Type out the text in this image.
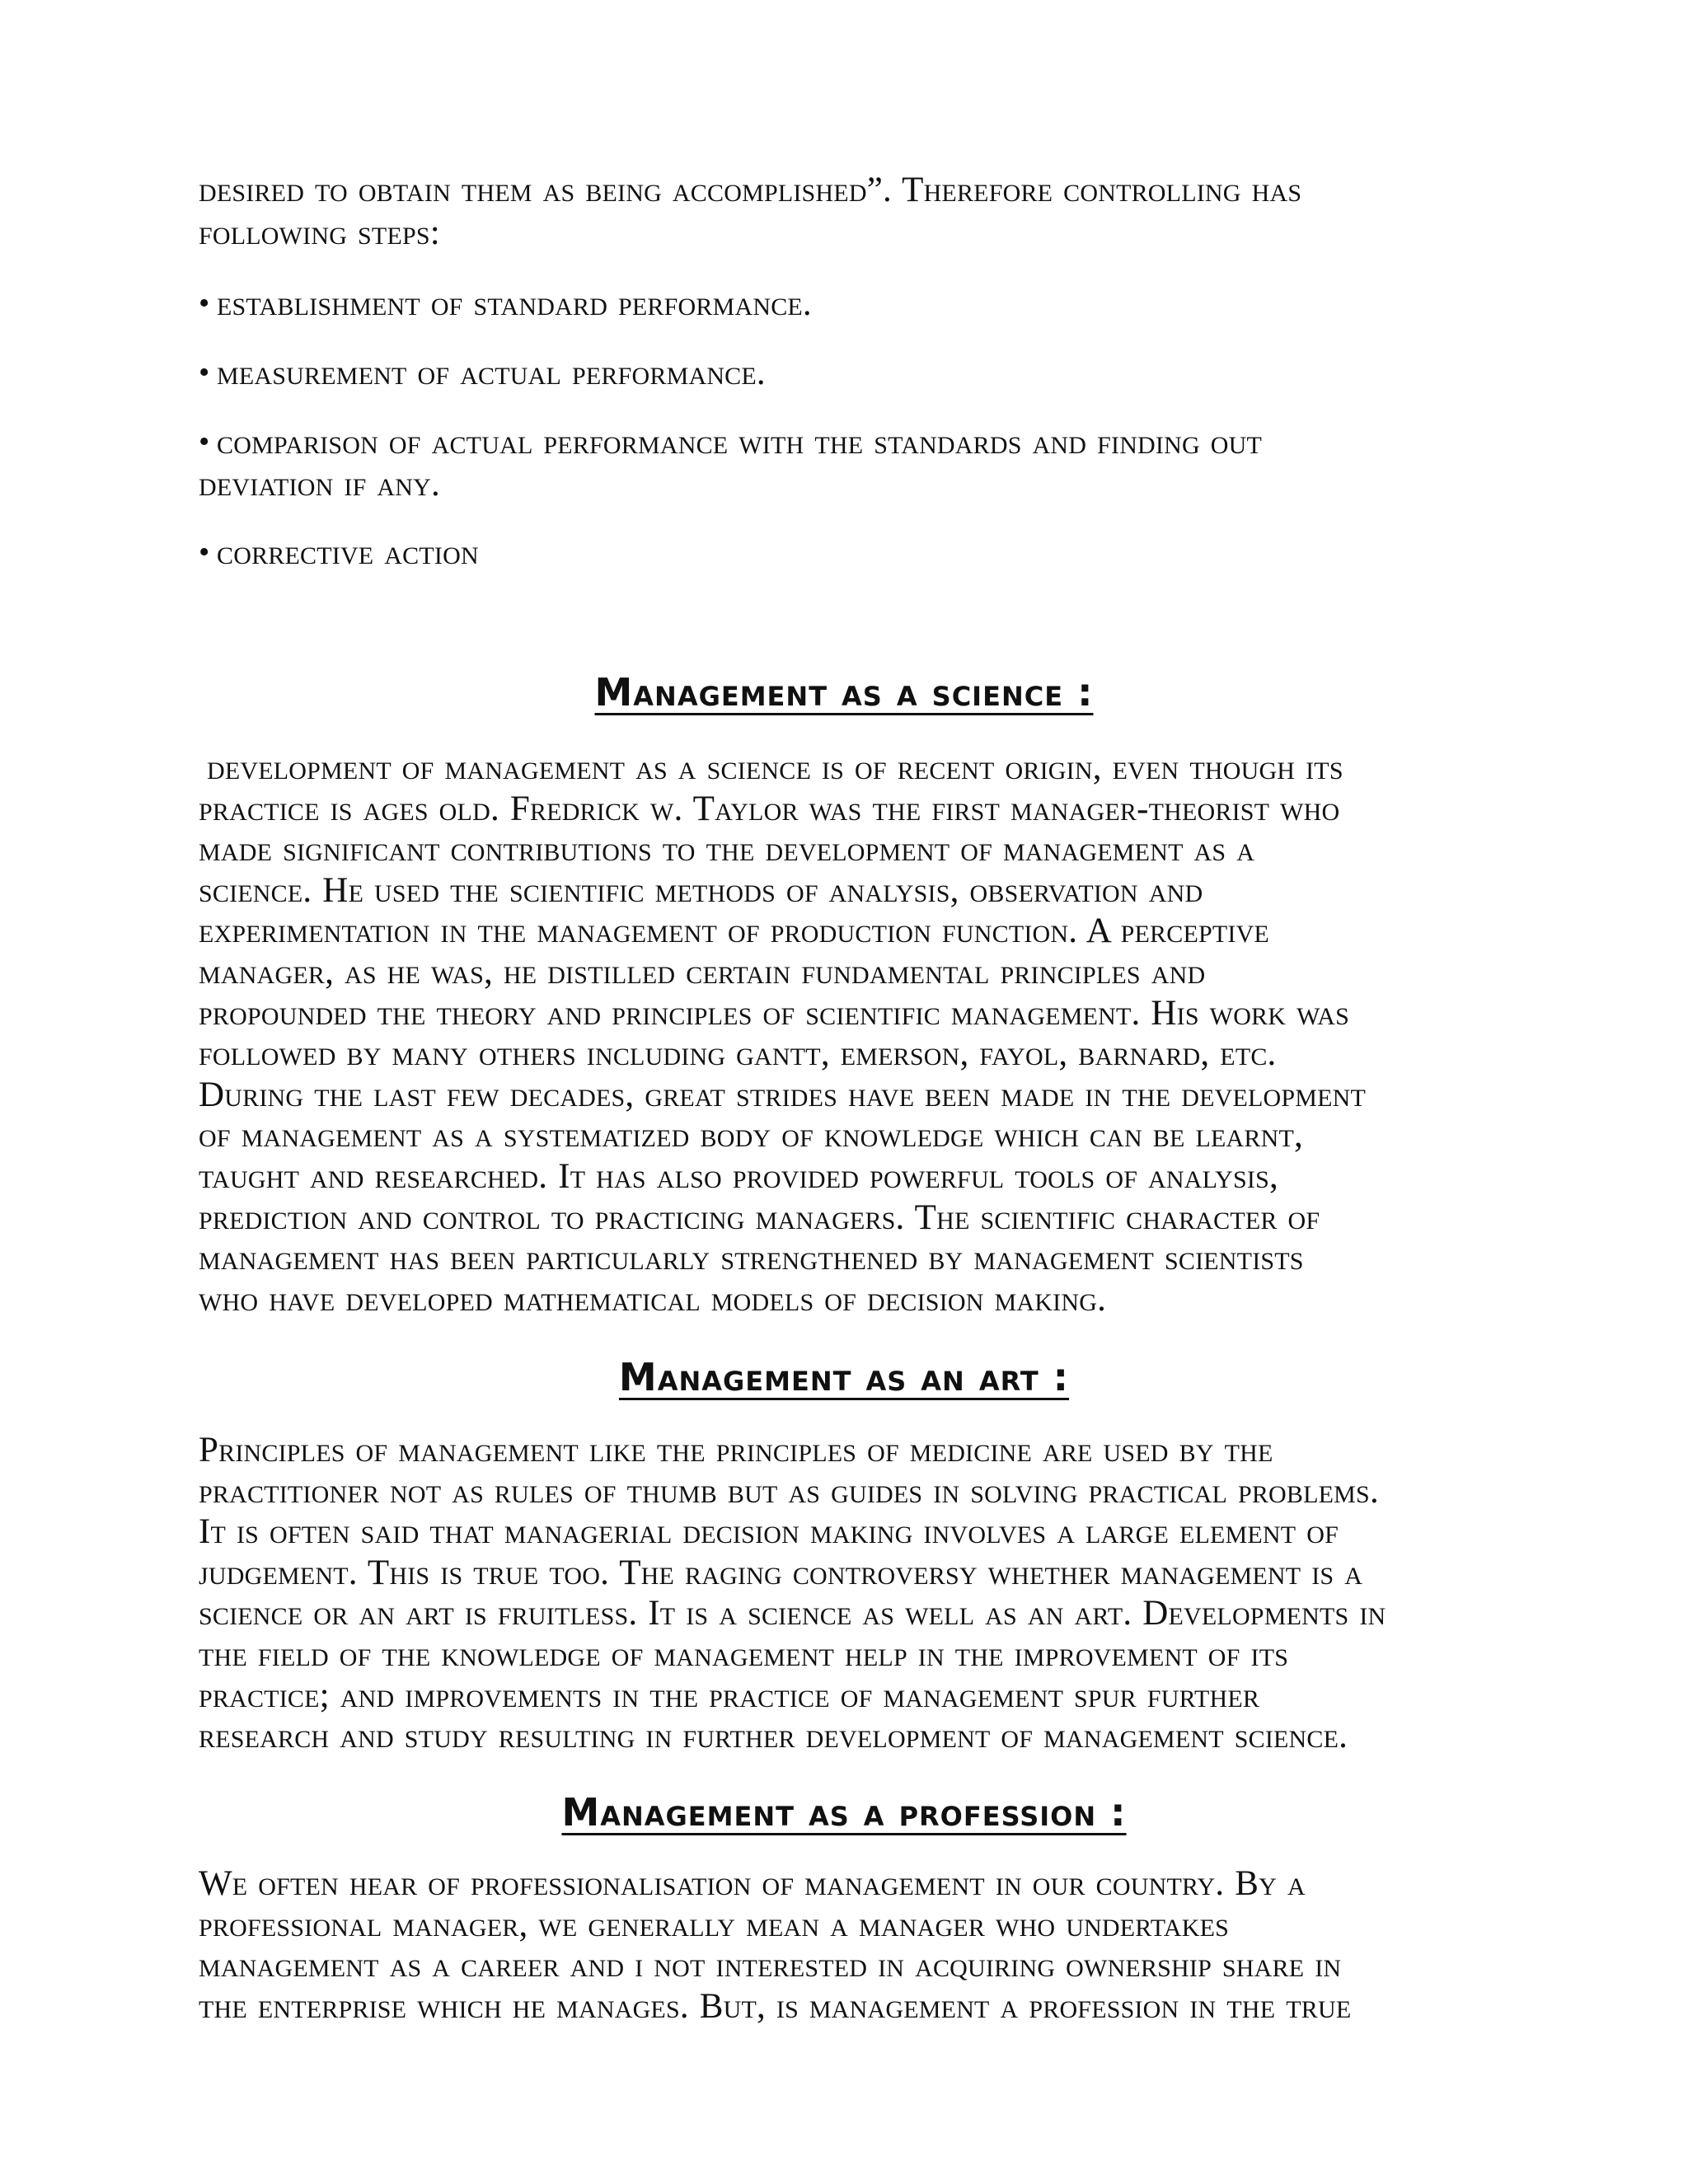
desired to obtain them as being accomplished”. Therefore controlling has
following steps:

• establishment of standard performance.

• measurement of actual performance.

• comparison of actual performance with the standards and finding out
deviation if any.

• corrective action

Management as a science :

development of management as a science is of recent origin, even though its
practice is ages old. Fredrick w. Taylor was the first manager-theorist who
made significant contributions to the development of management as a
science. He used the scientific methods of analysis, observation and
experimentation in the management of production function. A perceptive
manager, as he was, he distilled certain fundamental principles and
propounded the theory and principles of scientific management. His work was
followed by many others including gantt, emerson, fayol, barnard, etc.
During the last few decades, great strides have been made in the development
of management as a systematized body of knowledge which can be learnt,
taught and researched. It has also provided powerful tools of analysis,
prediction and control to practicing managers. The scientific character of
management has been particularly strengthened by management scientists
who have developed mathematical models of decision making.

Management as an art :

Principles of management like the principles of medicine are used by the
practitioner not as rules of thumb but as guides in solving practical problems.
It is often said that managerial decision making involves a large element of
judgement. This is true too. The raging controversy whether management is a
science or an art is fruitless. It is a science as well as an art. Developments in
the field of the knowledge of management help in the improvement of its
practice; and improvements in the practice of management spur further
research and study resulting in further development of management science.

Management as a profession :

We often hear of professionalisation of management in our country. By a
professional manager, we generally mean a manager who undertakes
management as a career and i not interested in acquiring ownership share in
the enterprise which he manages. But, is management a profession in the true
